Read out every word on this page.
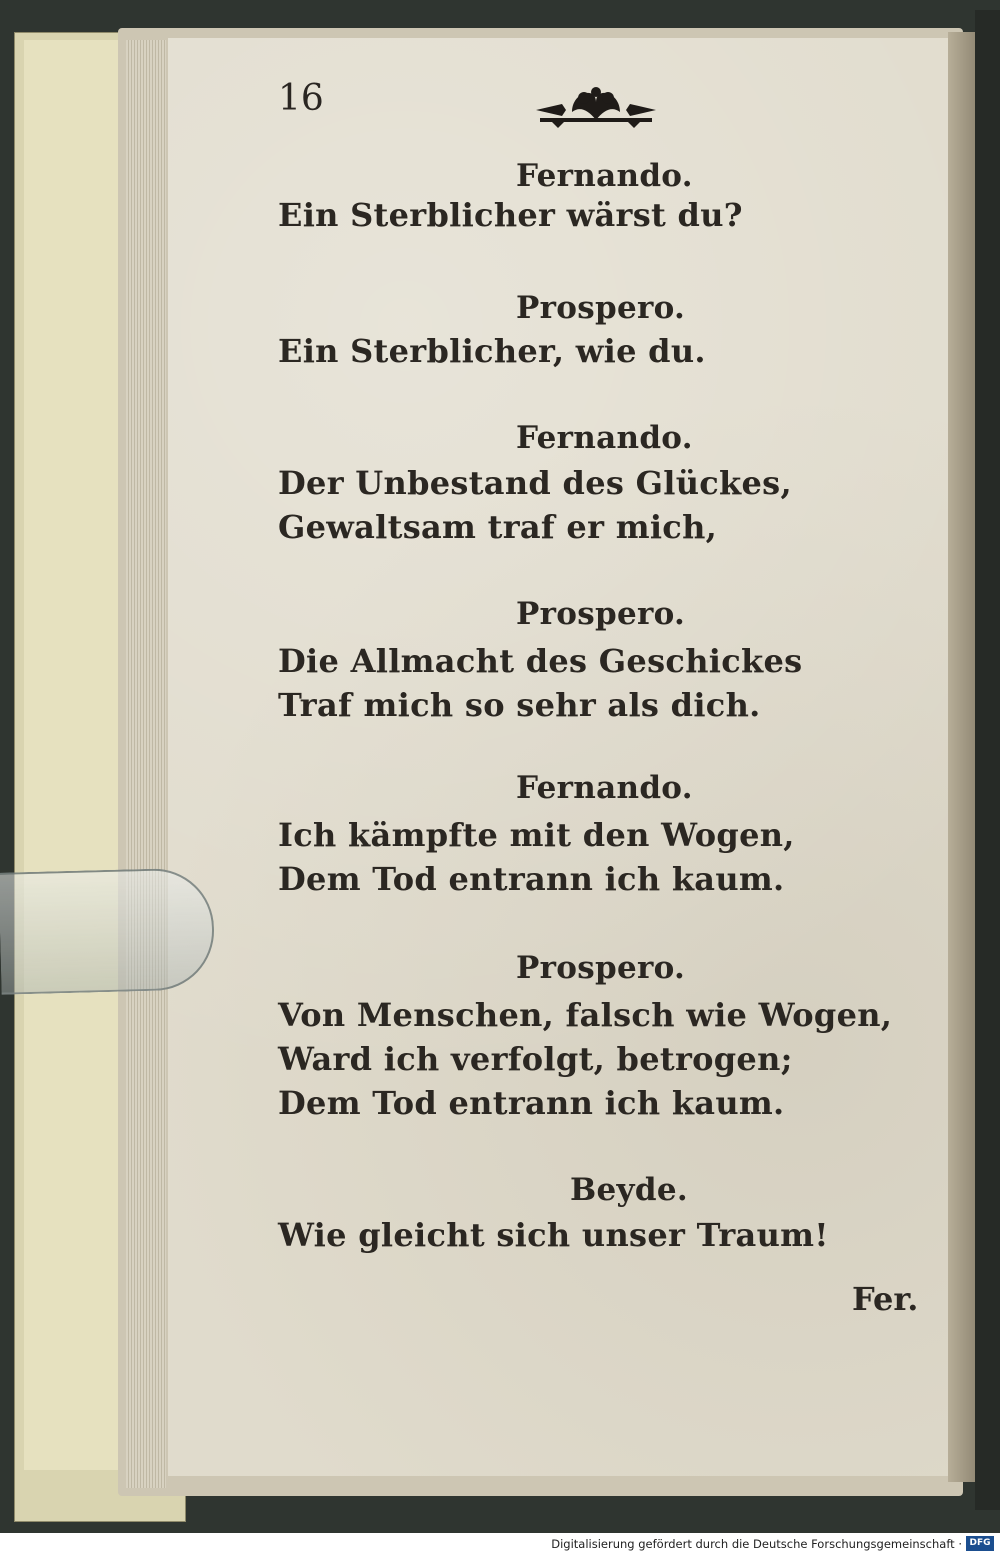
16
Fernando.
Ein Sterblicher wärst du?
Prospero.
Ein Sterblicher, wie du.
Fernando.
Der Unbestand des Glückes,
Gewaltsam traf er mich,
Prospero.
Die Allmacht des Geschickes
Traf mich so sehr als dich.
Fernando.
Ich kämpfte mit den Wogen,
Dem Tod entrann ich kaum.
Prospero.
Von Menschen, falsch wie Wogen,
Ward ich verfolgt, betrogen;
Dem Tod entrann ich kaum.
Beyde.
Wie gleicht sich unser Traum!
Fer.
Digitalisierung gefördert durch die Deutsche Forschungsgemeinschaft · DFG
